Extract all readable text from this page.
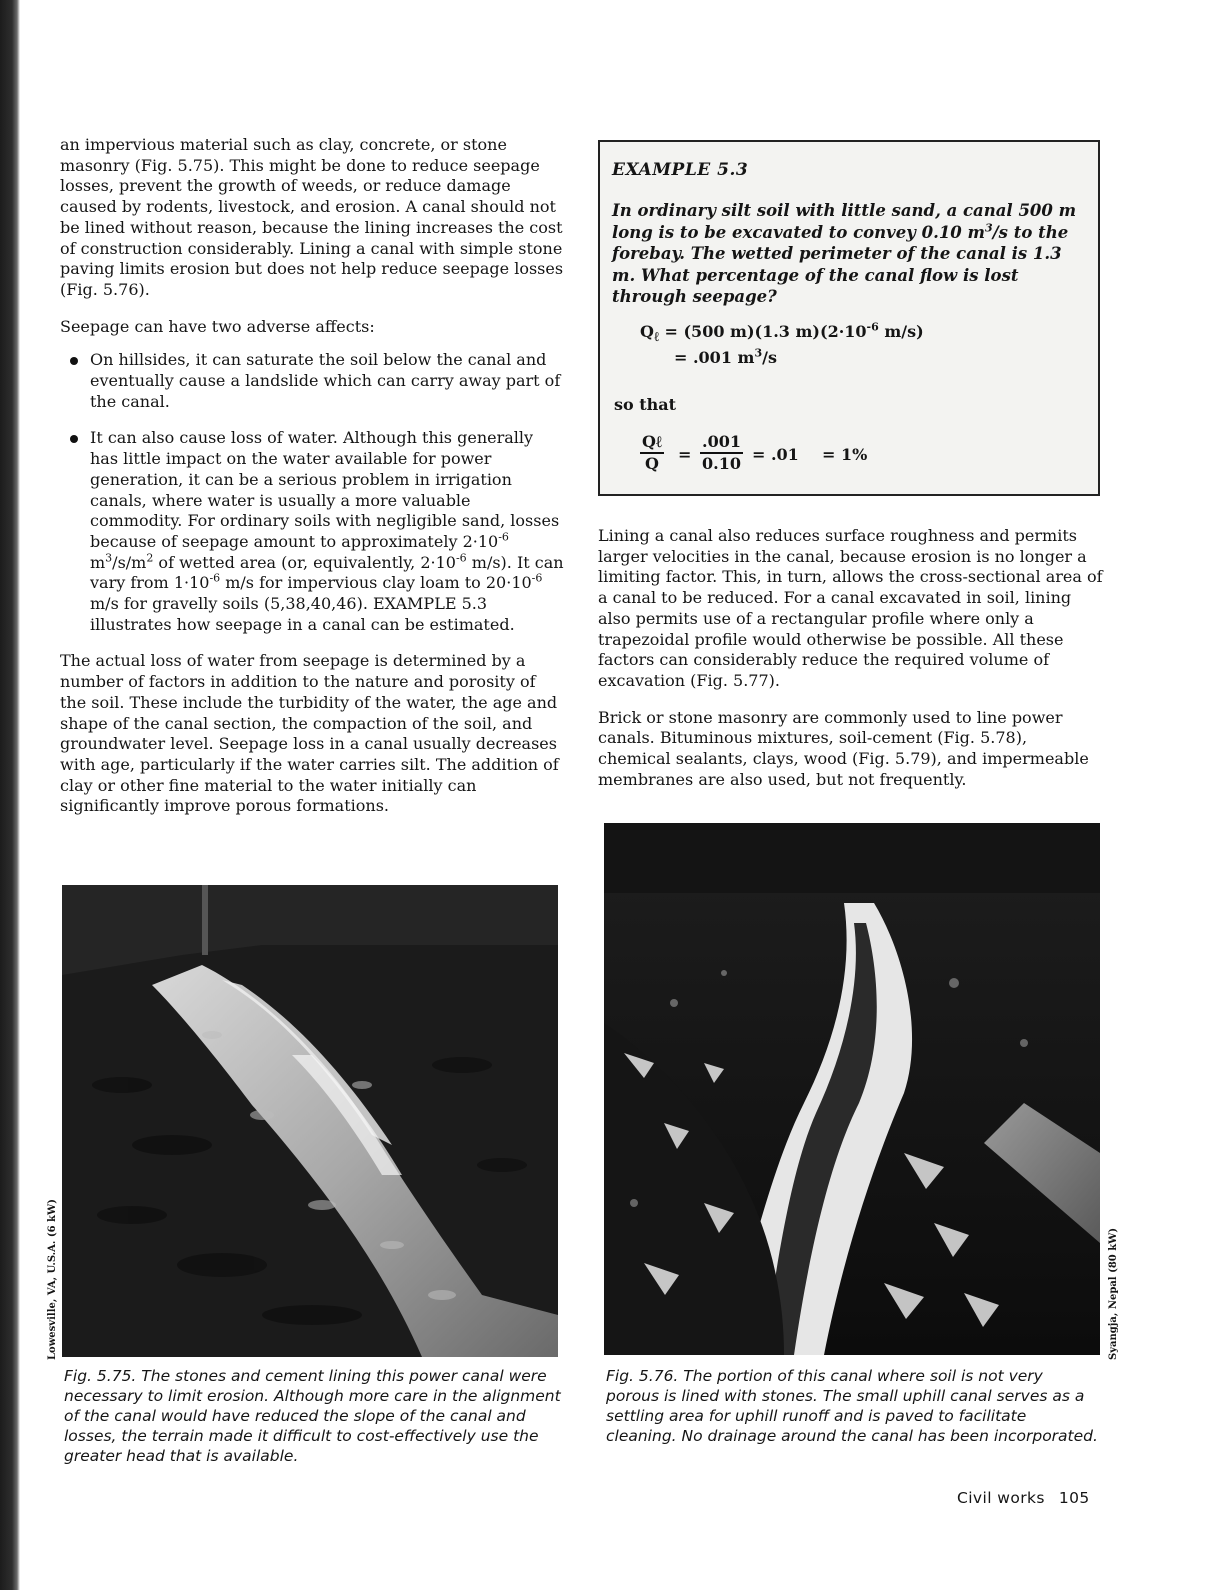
an impervious material such as clay, concrete, or stone masonry (Fig. 5.75). This might be done to reduce seepage losses, prevent the growth of weeds, or reduce damage caused by rodents, livestock, and erosion. A canal should not be lined without reason, because the lining increases the cost of construction considerably. Lining a canal with simple stone paving limits erosion but does not help reduce seepage losses (Fig. 5.76).

Seepage can have two adverse affects:

On hillsides, it can saturate the soil below the canal and eventually cause a landslide which can carry away part of the canal.
It can also cause loss of water. Although this generally has little impact on the water available for power generation, it can be a serious problem in irrigation canals, where water is usually a more valuable commodity. For ordinary soils with negligible sand, losses because of seepage amount to approximately $2\cdot 10^{-6}$ $m^3/s/m^2$ of wetted area (or, equivalently, $2\cdot 10^{-6}$ m/s). It can vary from $1\cdot 10^{-6}$ m/s for impervious clay loam to $20\cdot 10^{-6}$ m/s for gravelly soils (5,38,40,46). EXAMPLE 5.3 illustrates how seepage in a canal can be estimated.

The actual loss of water from seepage is determined by a number of factors in addition to the nature and porosity of the soil. These include the turbidity of the water, the age and shape of the canal section, the compaction of the soil, and groundwater level. Seepage loss in a canal usually decreases with age, particularly if the water carries silt. The addition of clay or other fine material to the water initially can significantly improve porous formations.

EXAMPLE 5.3
In ordinary silt soil with little sand, a canal 500 m long is to be excavated to convey 0.10 $m^3/s$ to the forebay. The wetted perimeter of the canal is 1.3 m. What percentage of the canal flow is lost through seepage?
$Q_\ell = (500$ m)(1.3 $m)(2\cdot 10^{-6}$ m/s)
= .001 $m^3/s$
so that
Qℓ
Q	= $\frac{.001}{0.10} = .01 = 1\%$

Lining a canal also reduces surface roughness and permits larger velocities in the canal, because erosion is no longer a limiting factor. This, in turn, allows the cross-sectional area of a canal to be reduced. For a canal excavated in soil, lining also permits use of a rectangular profile where only a trapezoidal profile would otherwise be possible. All these factors can considerably reduce the required volume of excavation (Fig. 5.77).

Brick or stone masonry are commonly used to line power canals. Bituminous mixtures, soil-cement (Fig. 5.78), chemical sealants, clays, wood (Fig. 5.79), and impermeable membranes are also used, but not frequently.

Lowesville, VA, U.S.A. (6 kW)
Fig. 5.75. The stones and cement lining this power canal were necessary to limit erosion. Although more care in the alignment of the canal would have reduced the slope of the canal and losses, the terrain made it difficult to cost-effectively use the greater head that is available.
Syangja, Nepal (80 kW)
Fig. 5.76. The portion of this canal where soil is not very porous is lined with stones. The small uphill canal serves as a settling area for uphill runoff and is paved to facilitate cleaning. No drainage around the canal has been incorporated.
Civil works 105
